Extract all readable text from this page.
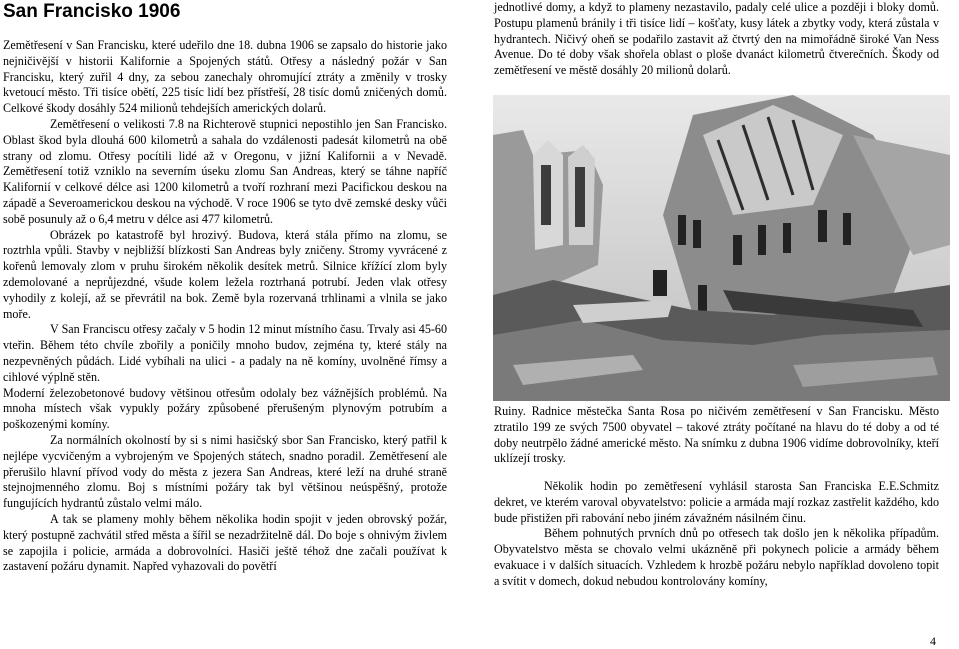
San Francisko 1906

Zemětřesení v San Francisku, které udeřilo dne 18. dubna 1906 se zapsalo do historie jako nejničivější v historii Kalifornie a Spojených států. Otřesy a následný požár v San Francisku, který zuřil 4 dny, za sebou zanechaly ohromující ztráty a změnily v trosky kvetoucí město. Tři tisíce obětí, 225 tisíc lidí bez přístřeší, 28 tisíc domů zničených domů. Celkové škody dosáhly 524 milionů tehdejších amerických dolarů.

Zemětřesení o velikosti 7.8 na Richterově stupnici nepostihlo jen San Francisko. Oblast škod byla dlouhá 600 kilometrů a sahala do vzdálenosti padesát kilometrů na obě strany od zlomu. Otřesy pocítili lidé až v Oregonu, v jižní Kalifornii a v Nevadě. Zemětřesení totiž vzniklo na severním úseku zlomu San Andreas, který se táhne napříč Kalifornií v celkové délce asi 1200 kilometrů a tvoří rozhraní mezi Pacifickou deskou na západě a Severoamerickou deskou na východě. V roce 1906 se tyto dvě zemské desky vůči sobě posunuly až o 6,4 metru v délce asi 477 kilometrů.

Obrázek po katastrofě byl hrozivý. Budova, která stála přímo na zlomu, se roztrhla vpůli. Stavby v nejbližší blízkosti San Andreas byly zničeny. Stromy vyvrácené z kořenů lemovaly zlom v pruhu širokém několik desítek metrů. Silnice křížící zlom byly zdemolované a neprůjezdné, všude kolem ležela roztrhaná potrubí. Jeden vlak otřesy vyhodily z kolejí, až se převrátil na bok. Země byla rozervaná trhlinami a vlnila se jako moře.

V San Franciscu otřesy začaly v 5 hodin 12 minut místního času. Trvaly asi 45-60 vteřin. Během této chvíle zbořily a poničily mnoho budov, zejména ty, které stály na nezpevněných půdách. Lidé vybíhali na ulici - a padaly na ně komíny, uvolněné římsy a cihlové výplně stěn.

Moderní železobetonové budovy většinou otřesům odolaly bez vážnějších problémů. Na mnoha místech však vypukly požáry způsobené přerušeným plynovým potrubím a poškozenými komíny.

Za normálních okolností by si s nimi hasičský sbor San Francisko, který patřil k nejlépe vycvičeným a vybrojeným ve Spojených státech, snadno poradil. Zemětřesení ale přerušilo hlavní přívod vody do města z jezera San Andreas, které leží na druhé straně stejnojmenného zlomu. Boj s místními požáry tak byl většinou neúspěšný, protože fungujících hydrantů zůstalo velmi málo.

A tak se plameny mohly během několika hodin spojit v jeden obrovský požár, který postupně zachvátil střed města a šířil se nezadržitelně dál. Do boje s ohnivým živlem se zapojila i policie, armáda a dobrovolníci. Hasiči ještě téhož dne začali používat k zastavení požáru dynamit. Napřed vyhazovali do povětří

jednotlivé domy, a když to plameny nezastavilo, padaly celé ulice a později i bloky domů. Postupu plamenů bránily i tři tisíce lidí – košťaty, kusy látek a zbytky vody, která zůstala v hydrantech. Ničivý oheň se podařilo zastavit až čtvrtý den na mimořádně široké Van Ness Avenue. Do té doby však shořela oblast o ploše dvanáct kilometrů čtverečních. Škody od zemětřesení ve městě dosáhly 20 milionů dolarů.

Ruiny. Radnice městečka Santa Rosa po ničivém zemětřesení v San Francisku. Město ztratilo 199 ze svých 7500 obyvatel – takové ztráty počítané na hlavu do té doby a od té doby neutrpělo žádné americké město. Na snímku z dubna 1906 vidíme dobrovolníky, kteří uklízejí trosky.

Několik hodin po zemětřesení vyhlásil starosta San Franciska E.E.Schmitz dekret, ve kterém varoval obyvatelstvo: policie a armáda mají rozkaz zastřelit každého, kdo bude přistižen při rabování nebo jiném závažném násilném činu.

Během pohnutých prvních dnů po otřesech tak došlo jen k několika případům. Obyvatelstvo města se chovalo velmi ukázněně při pokynech policie a armády během evakuace i v dalších situacích. Vzhledem k hrozbě požáru nebylo například dovoleno topit a svítit v domech, dokud nebudou kontrolovány komíny,

4
